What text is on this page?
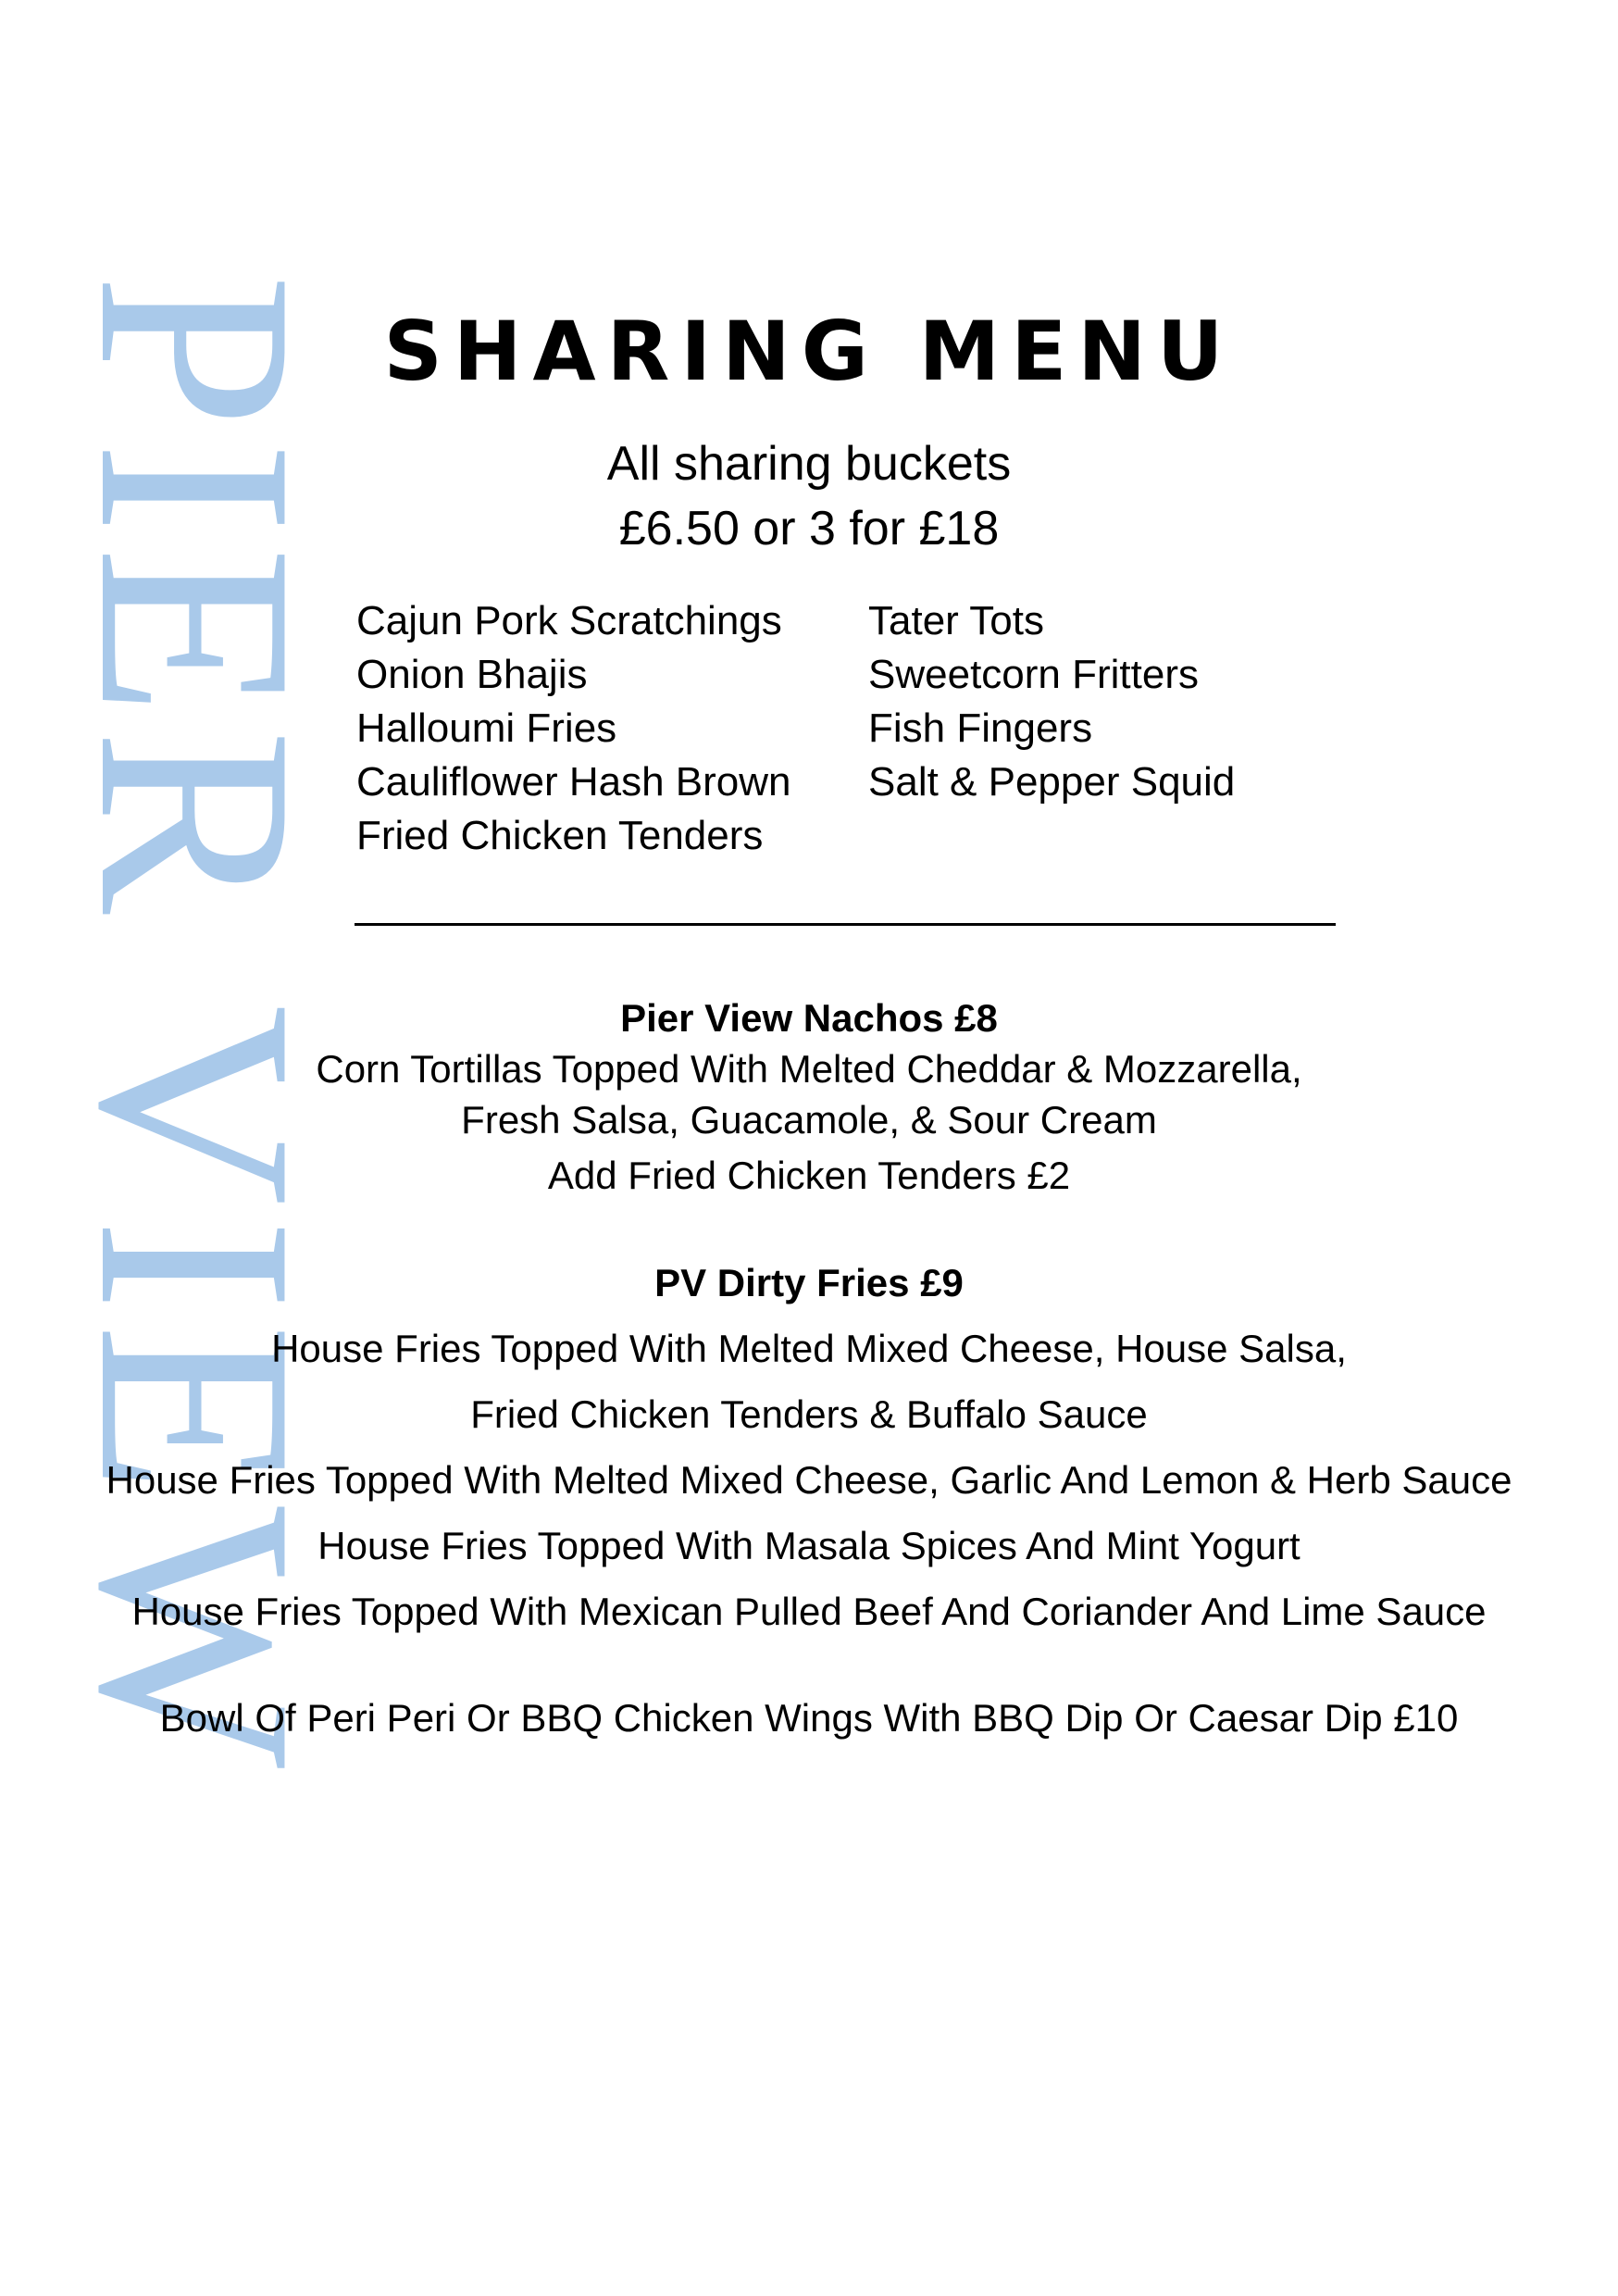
PIER VIEW SHARING MENU
All sharing buckets
£6.50 or 3 for £18
Cajun Pork Scratchings
Onion Bhajis
Halloumi Fries
Cauliflower Hash Brown
Fried Chicken Tenders
Tater Tots
Sweetcorn Fritters
Fish Fingers
Salt & Pepper Squid
Pier View Nachos £8
Corn Tortillas Topped With Melted Cheddar & Mozzarella,
Fresh Salsa, Guacamole, & Sour Cream
Add Fried Chicken Tenders £2
PV Dirty Fries £9
House Fries Topped With Melted Mixed Cheese, House Salsa,
Fried Chicken Tenders & Buffalo Sauce
House Fries Topped With Melted Mixed Cheese, Garlic And Lemon & Herb Sauce
House Fries Topped With Masala Spices And Mint Yogurt
House Fries Topped With Mexican Pulled Beef And Coriander And Lime Sauce
Bowl Of Peri Peri Or BBQ Chicken Wings With BBQ Dip Or Caesar Dip £10
